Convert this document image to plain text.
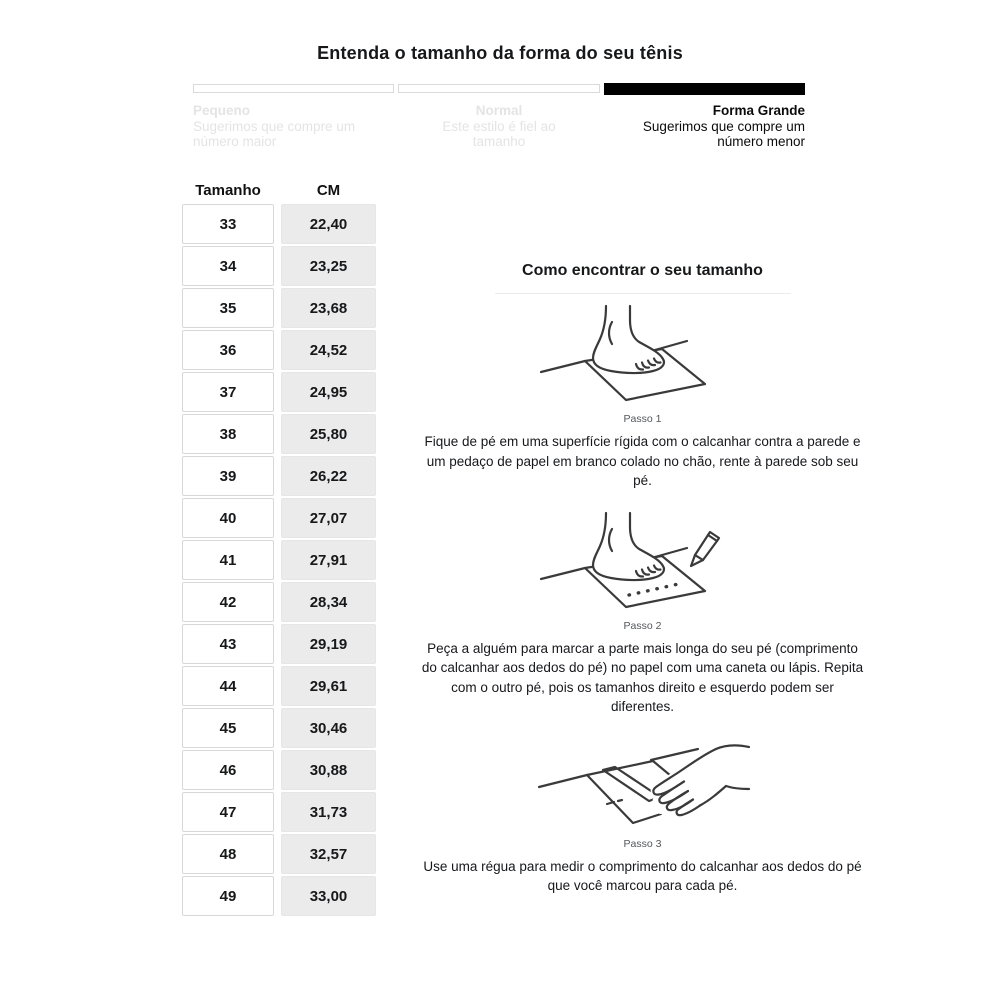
Entenda o tamanho da forma do seu tênis
Pequeno
Sugerimos que compre um número maior
Normal
Este estilo é fiel ao tamanho
Forma Grande
Sugerimos que compre um número menor
Tamanho	CM
33	22,40
34	23,25
35	23,68
36	24,52
37	24,95
38	25,80
39	26,22
40	27,07
41	27,91
42	28,34
43	29,19
44	29,61
45	30,46
46	30,88
47	31,73
48	32,57
49	33,00
Como encontrar o seu tamanho
Passo 1

Fique de pé em uma superfície rígida com o calcanhar contra a parede e um pedaço de papel em branco colado no chão, rente à parede sob seu pé.

Passo 2

Peça a alguém para marcar a parte mais longa do seu pé (comprimento do calcanhar aos dedos do pé) no papel com uma caneta ou lápis. Repita com o outro pé, pois os tamanhos direito e esquerdo podem ser diferentes.

Passo 3

Use uma régua para medir o comprimento do calcanhar aos dedos do pé que você marcou para cada pé.
